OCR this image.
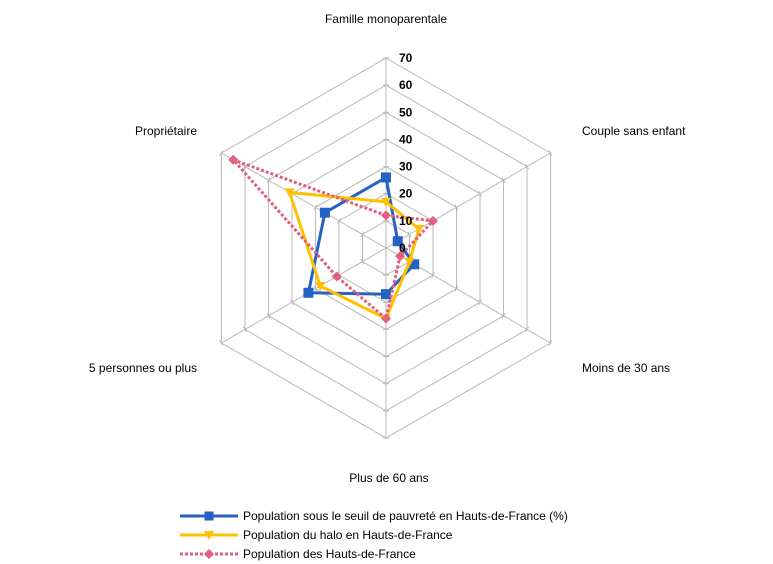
0
10
20
30
40
50
60
70
Famille monoparentale
Couple sans enfant
Moins de 30 ans
Plus de 60 ans
5 personnes ou plus
Propriétaire
Population sous le seuil de pauvreté en Hauts-de-France (%)
Population du halo en Hauts-de-France
Population des Hauts-de-France
